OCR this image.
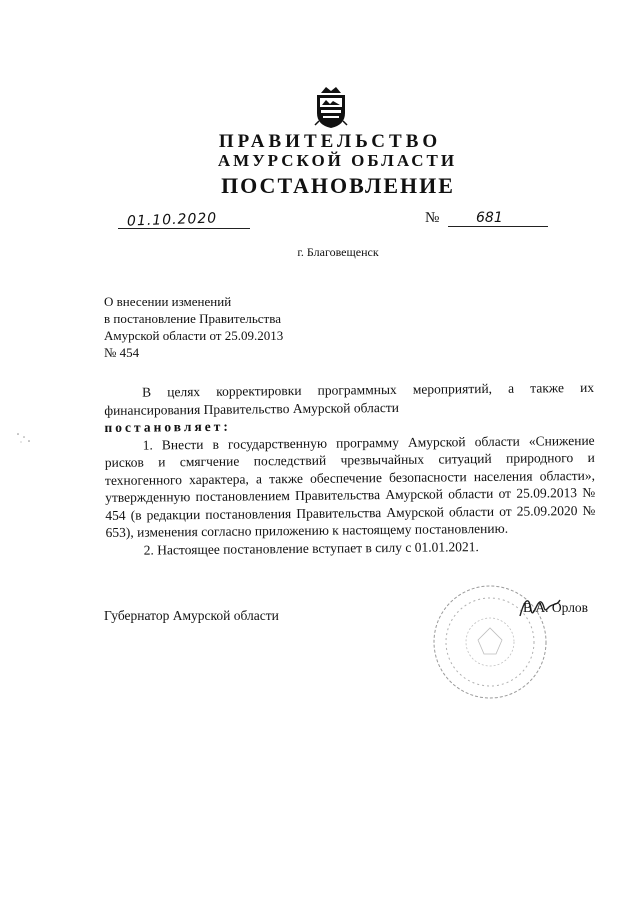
ПРАВИТЕЛЬСТВО
АМУРСКОЙ ОБЛАСТИ
ПОСТАНОВЛЕНИЕ
01.10.2020	№	681
г. Благовещенск
О внесении изменений
в постановление Правительства
Амурской области от 25.09.2013
№ 454

В целях корректировки программных мероприятий, а также их финансирования Правительство Амурской области

постановляет:

1. Внести в государственную программу Амурской области «Снижение рисков и смягчение последствий чрезвычайных ситуаций природного и техногенного характера, а также обеспечение безопасности населения области», утвержденную постановлением Правительства Амурской области от 25.09.2013 № 454 (в редакции постановления Правительства Амурской области от 25.09.2020 № 653), изменения согласно приложению к настоящему постановлению.

2. Настоящее постановление вступает в силу с 01.01.2021.

Губернатор Амурской области
В.А. Орлов
